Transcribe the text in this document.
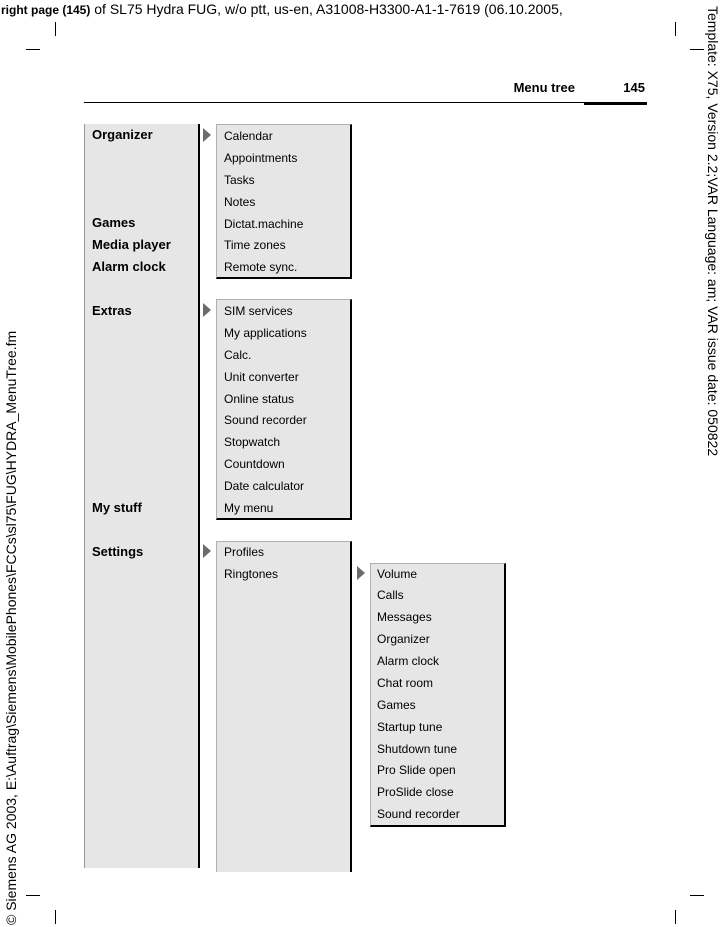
right page (145) of SL75 Hydra FUG, w/o ptt, us-en, A31008-H3300-A1-1-7619 (06.10.2005,	Template: X75, Version 2.2;VAR Language: am; VAR issue date: 050822
© Siemens AG 2003, E:\Auftrag\Siemens\MobilePhones\FCCs\sl75\FUG\HYDRA_MenuTree.fm
Menu tree	145
Organizer
Games
Media player
Alarm clock
Extras
My stuff
Settings
Calendar
Appointments
Tasks
Notes
Dictat.machine
Time zones
Remote sync.
SIM services
My applications
Calc.
Unit converter
Online status
Sound recorder
Stopwatch
Countdown
Date calculator
My menu
Profiles
Ringtones	Volume
Calls
Messages
Organizer
Alarm clock
Chat room
Games
Startup tune
Shutdown tune
Pro Slide open
ProSlide close
Sound recorder
